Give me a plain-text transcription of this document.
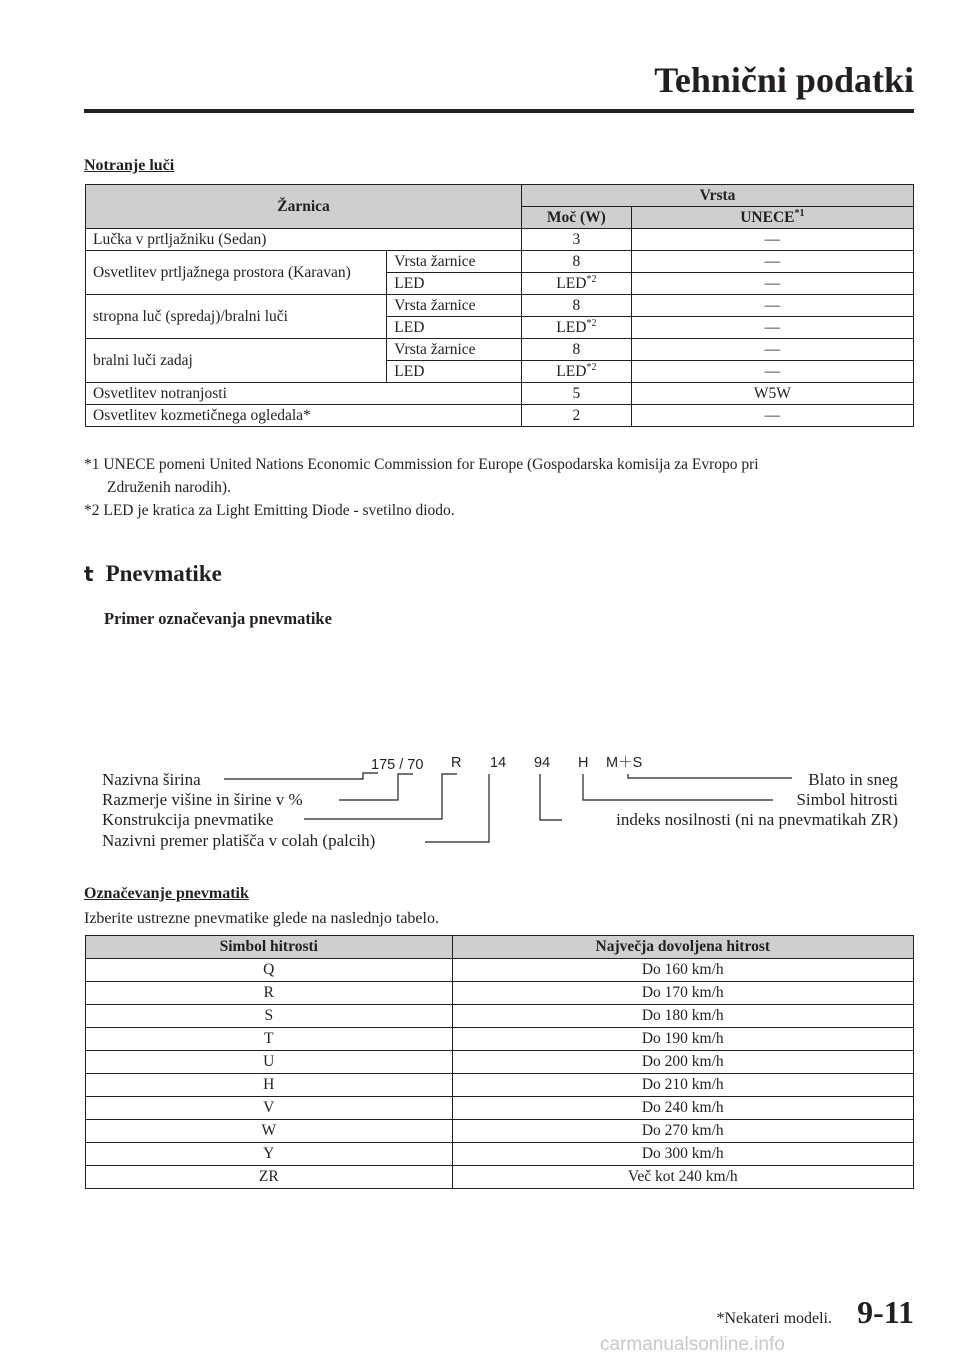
Tehnični podatki
Notranje luči
Žarnica		Vrsta	
		Moč (W)	UNECE$^{*1}$
Lučka v prtljažniku (Sedan)		3	—
Osvetlitev prtljažnega prostora (Karavan)	Vrsta žarnice	8	—
	LED	LED$^{*2}$	—
stropna luč (spredaj)/bralni luči	Vrsta žarnice	8	—
	LED	LED$^{*2}$	—
bralni luči zadaj	Vrsta žarnice	8	—
	LED	LED$^{*2}$	—
Osvetlitev notranjosti		5	W5W
Osvetlitev kozmetičnega ogledala*		2	—
*1 UNECE pomeni United Nations Economic Commission for Europe (Gospodarska komisija za Evropo pri
Združenih narodih).
*2 LED je kratica za Light Emitting Diode - svetilno diodo.
t Pnevmatike
Primer označevanja pnevmatike
175 / 70 R 14 94 H M＋S
Nazivna širina
Razmerje višine in širine v %
Konstrukcija pnevmatike
Nazivni premer platišča v colah (palcih)
Blato in sneg
Simbol hitrosti
indeks nosilnosti (ni na pnevmatikah ZR)
Označevanje pnevmatik
Izberite ustrezne pnevmatike glede na naslednjo tabelo.
Simbol hitrosti	Največja dovoljena hitrost
Q	Do 160 km/h
R	Do 170 km/h
S	Do 180 km/h
T	Do 190 km/h
U	Do 200 km/h
H	Do 210 km/h
V	Do 240 km/h
W	Do 270 km/h
Y	Do 300 km/h
ZR	Več kot 240 km/h
*Nekateri modeli. 9-11
carmanualsonline.info
